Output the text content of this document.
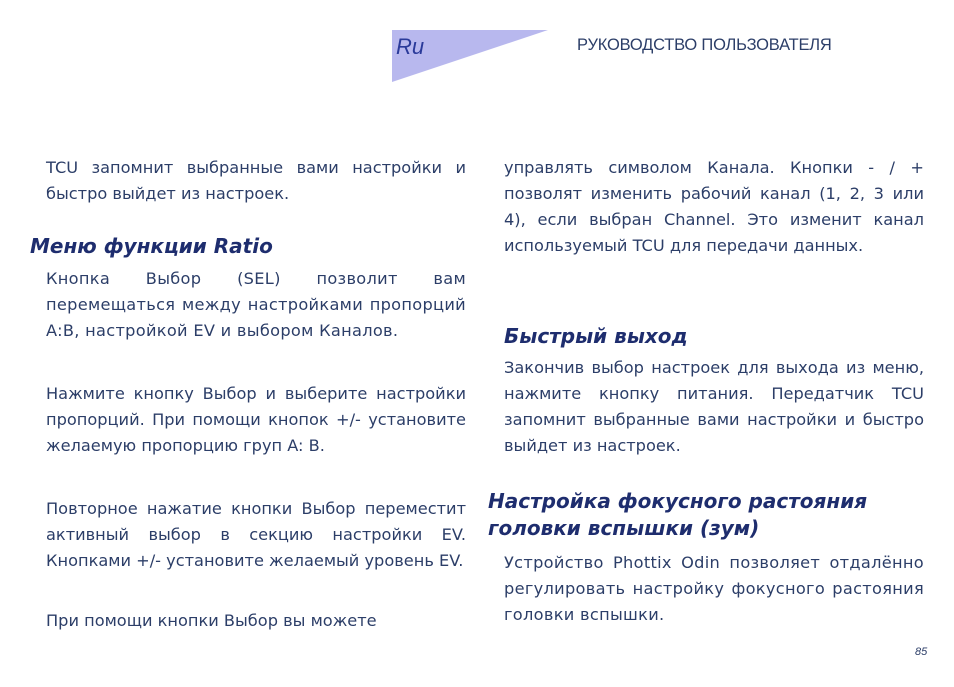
Ru	РУКОВОДСТВО ПОЛЬЗОВАТЕЛЯ

TCU запомнит выбранные вами настройки и быстро выйдет из настроек.

Меню функции Ratio

Кнопка Выбор (SEL) позволит вам перемещаться между настройками пропорций A:B, настройкой EV и выбором Каналов.

Нажмите кнопку Выбор и выберите настройки пропорций. При помощи кнопок +/- установите желаемую пропорцию груп A: B.

Повторное нажатие кнопки Выбор переместит активный выбор в секцию настройки EV. Кнопками +/- установите желаемый уровень EV.

При помощи кнопки Выбор вы можете

управлять символом Канала. Кнопки - / + позволят изменить рабочий канал (1, 2, 3 или 4), если выбран Channel. Это изменит канал используемый TCU для передачи данных.

Быстрый выход

Закончив выбор настроек для выхода из меню, нажмите кнопку питания. Передатчик TCU запомнит выбранные вами настройки и быстро выйдет из настроек.

Настройка фокусного растояния головки вспышки (зум)

Устройство Phottix Odin позволяет отдалённо регулировать настройку фокусного растояния головки вспышки.

85
